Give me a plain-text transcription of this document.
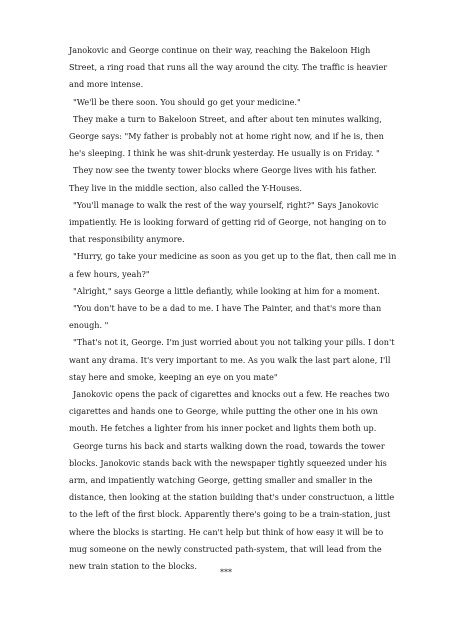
Janokovic and George continue on their way, reaching the Bakeloon High Street, a ring road that runs all the way around the city. The traffic is heavier and more intense.

"We'll be there soon. You should go get your medicine."

They make a turn to Bakeloon Street, and after about ten minutes walking, George says: "My father is probably not at home right now, and if he is, then he's sleeping. I think he was shit-drunk yesterday. He usually is on Friday. "

They now see the twenty tower blocks where George lives with his father. They live in the middle section, also called the Y-Houses.

"You'll manage to walk the rest of the way yourself, right?" Says Janokovic impatiently. He is looking forward of getting rid of George, not hanging on to that responsibility anymore.

"Hurry, go take your medicine as soon as you get up to the flat, then call me in a few hours, yeah?"

"Alright," says George a little defiantly, while looking at him for a moment.

"You don't have to be a dad to me. I have The Painter, and that's more than enough. "

"That's not it, George. I'm just worried about you not talking your pills. I don't want any drama. It's very important to me. As you walk the last part alone, I'll stay here and smoke, keeping an eye on you mate"

Janokovic opens the pack of cigarettes and knocks out a few. He reaches two cigarettes and hands one to George, while putting the other one in his own mouth. He fetches a lighter from his inner pocket and lights them both up.

George turns his back and starts walking down the road, towards the tower blocks. Janokovic stands back with the newspaper tightly squeezed under his arm, and impatiently watching George, getting smaller and smaller in the distance, then looking at the station building that's under constructuon, a little to the left of the first block. Apparently there's going to be a train-station, just where the blocks is starting. He can't help but think of how easy it will be to mug someone on the newly constructed path-system, that will lead from the new train station to the blocks.

***
